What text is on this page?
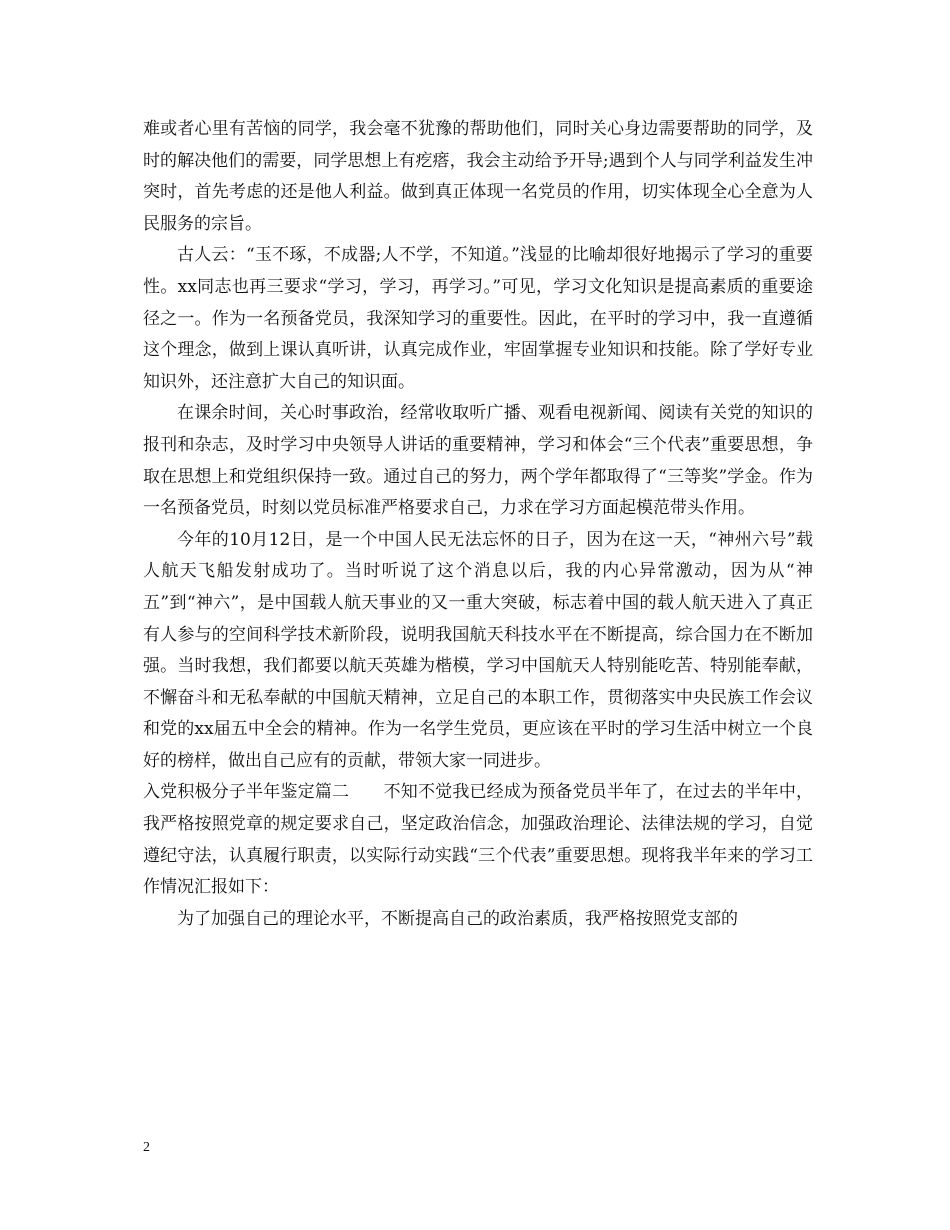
难或者心里有苦恼的同学，我会毫不犹豫的帮助他们，同时关心身边需要帮助的同学，及时的解决他们的需要，同学思想上有疙瘩，我会主动给予开导;遇到个人与同学利益发生冲突时，首先考虑的还是他人利益。做到真正体现一名党员的作用，切实体现全心全意为人民服务的宗旨。

古人云：“玉不琢，不成器;人不学，不知道。”浅显的比喻却很好地揭示了学习的重要性。xx同志也再三要求“学习，学习，再学习。”可见，学习文化知识是提高素质的重要途径之一。作为一名预备党员，我深知学习的重要性。因此，在平时的学习中，我一直遵循这个理念，做到上课认真听讲，认真完成作业，牢固掌握专业知识和技能。除了学好专业知识外，还注意扩大自己的知识面。

在课余时间，关心时事政治，经常收取听广播、观看电视新闻、阅读有关党的知识的报刊和杂志，及时学习中央领导人讲话的重要精神，学习和体会“三个代表”重要思想，争取在思想上和党组织保持一致。通过自己的努力，两个学年都取得了“三等奖”学金。作为一名预备党员，时刻以党员标准严格要求自己，力求在学习方面起模范带头作用。

今年的10月12日，是一个中国人民无法忘怀的日子，因为在这一天，“神州六号”载人航天飞船发射成功了。当时听说了这个消息以后，我的内心异常激动，因为从“神五”到“神六”，是中国载人航天事业的又一重大突破，标志着中国的载人航天进入了真正有人参与的空间科学技术新阶段，说明我国航天科技水平在不断提高，综合国力在不断加强。当时我想，我们都要以航天英雄为楷模，学习中国航天人特别能吃苦、特别能奉献，不懈奋斗和无私奉献的中国航天精神，立足自己的本职工作，贯彻落实中央民族工作会议和党的xx届五中全会的精神。作为一名学生党员，更应该在平时的学习生活中树立一个良好的榜样，做出自己应有的贡献，带领大家一同进步。

入党积极分子半年鉴定篇二　　不知不觉我已经成为预备党员半年了，在过去的半年中，我严格按照党章的规定要求自己，坚定政治信念，加强政治理论、法律法规的学习，自觉遵纪守法，认真履行职责，以实际行动实践“三个代表”重要思想。现将我半年来的学习工作情况汇报如下：

为了加强自己的理论水平，不断提高自己的政治素质，我严格按照党支部的

2
